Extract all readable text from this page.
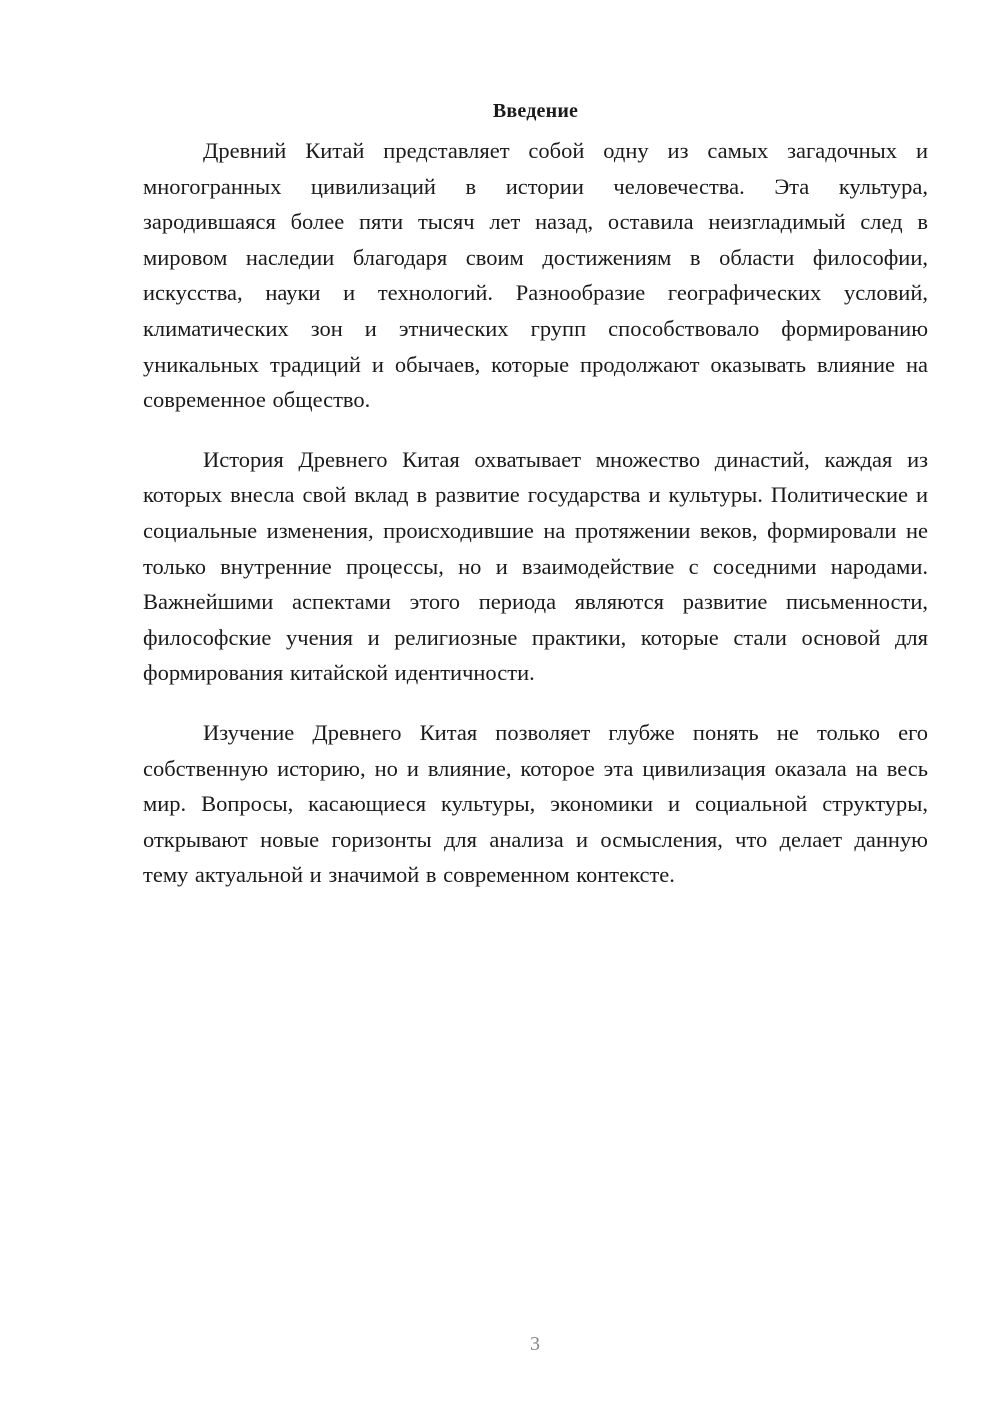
Введение

Древний Китай представляет собой одну из самых загадочных и многогранных цивилизаций в истории человечества. Эта культура, зародившаяся более пяти тысяч лет назад, оставила неизгладимый след в мировом наследии благодаря своим достижениям в области философии, искусства, науки и технологий. Разнообразие географических условий, климатических зон и этнических групп способствовало формированию уникальных традиций и обычаев, которые продолжают оказывать влияние на современное общество.

История Древнего Китая охватывает множество династий, каждая из которых внесла свой вклад в развитие государства и культуры. Политические и социальные изменения, происходившие на протяжении веков, формировали не только внутренние процессы, но и взаимодействие с соседними народами. Важнейшими аспектами этого периода являются развитие письменности, философские учения и религиозные практики, которые стали основой для формирования китайской идентичности.

Изучение Древнего Китая позволяет глубже понять не только его собственную историю, но и влияние, которое эта цивилизация оказала на весь мир. Вопросы, касающиеся культуры, экономики и социальной структуры, открывают новые горизонты для анализа и осмысления, что делает данную тему актуальной и значимой в современном контексте.

3
